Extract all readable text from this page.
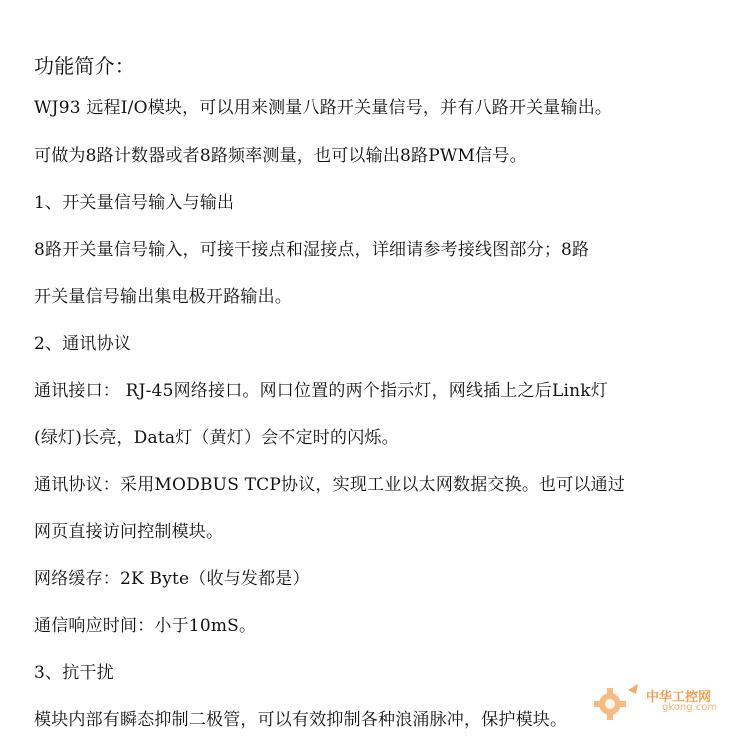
功能简介：
WJ93 远程I/O模块，可以用来测量八路开关量信号，并有八路开关量输出。
可做为8路计数器或者8路频率测量，也可以输出8路PWM信号。
1、开关量信号输入与输出
8路开关量信号输入，可接干接点和湿接点，详细请参考接线图部分；8路
开关量信号输出集电极开路输出。
2、通讯协议
通讯接口： RJ-45网络接口。网口位置的两个指示灯，网线插上之后Link灯
(绿灯)长亮，Data灯（黄灯）会不定时的闪烁。
通讯协议：采用MODBUS TCP协议，实现工业以太网数据交换。也可以通过
网页直接访问控制模块。
网络缓存：2K Byte（收与发都是）
通信响应时间：小于10mS。
3、抗干扰
模块内部有瞬态抑制二极管，可以有效抑制各种浪涌脉冲，保护模块。
中华工控网
gkong.com
